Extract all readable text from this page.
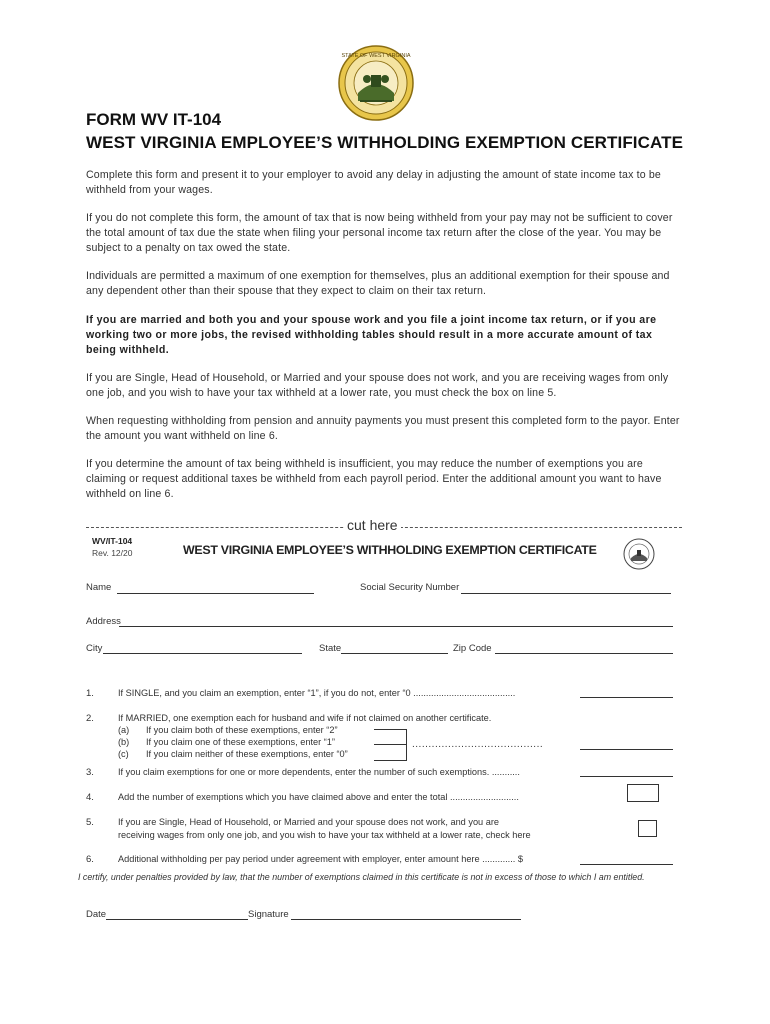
STATE OF WEST VIRGINIA
FORM WV IT-104
WEST VIRGINIA EMPLOYEE’S WITHHOLDING EXEMPTION CERTIFICATE
Complete this form and present it to your employer to avoid any delay in adjusting the amount of state income tax to be withheld from your wages.
If you do not complete this form, the amount of tax that is now being withheld from your pay may not be sufficient to cover the total amount of tax due the state when filing your personal income tax return after the close of the year. You may be subject to a penalty on tax owed the state.
Individuals are permitted a maximum of one exemption for themselves, plus an additional exemption for their spouse and any dependent other than their spouse that they expect to claim on their tax return.
If you are married and both you and your spouse work and you file a joint income tax return, or if you are working two or more jobs, the revised withholding tables should result in a more accurate amount of tax being withheld.
If you are Single, Head of Household, or Married and your spouse does not work, and you are receiving wages from only one job, and you wish to have your tax withheld at a lower rate, you must check the box on line 5.
When requesting withholding from pension and annuity payments you must present this completed form to the payor. Enter the amount you want withheld on line 6.
If you determine the amount of tax being withheld is insufficient, you may reduce the number of exemptions you are claiming or request additional taxes be withheld from each payroll period. Enter the additional amount you want to have withheld on line 6.
cut here
WV/IT-104
Rev. 12/20	WEST VIRGINIA EMPLOYEE’S WITHHOLDING EXEMPTION CERTIFICATE
Name	Social Security Number
Address
City	State	Zip Code
1.	If SINGLE, and you claim an exemption, enter “1”, if you do not, enter “0 ........................................
2.	If MARRIED, one exemption each for husband and wife if not claimed on another certificate.
(a) If you claim both of these exemptions, enter “2”
(b) If you claim one of these exemptions, enter “1”
(c) If you claim neither of these exemptions, enter “0”
........................................
3.	If you claim exemptions for one or more dependents, enter the number of such exemptions. ...........
4.	Add the number of exemptions which you have claimed above and enter the total ...........................
5.	If you are Single, Head of Household, or Married and your spouse does not work, and you are
receiving wages from only one job, and you wish to have your tax withheld at a lower rate, check here
6.	Additional withholding per pay period under agreement with employer, enter amount here ............. $
I certify, under penalties provided by law, that the number of exemptions claimed in this certificate is not in excess of those to which I am entitled.
Date	Signature
